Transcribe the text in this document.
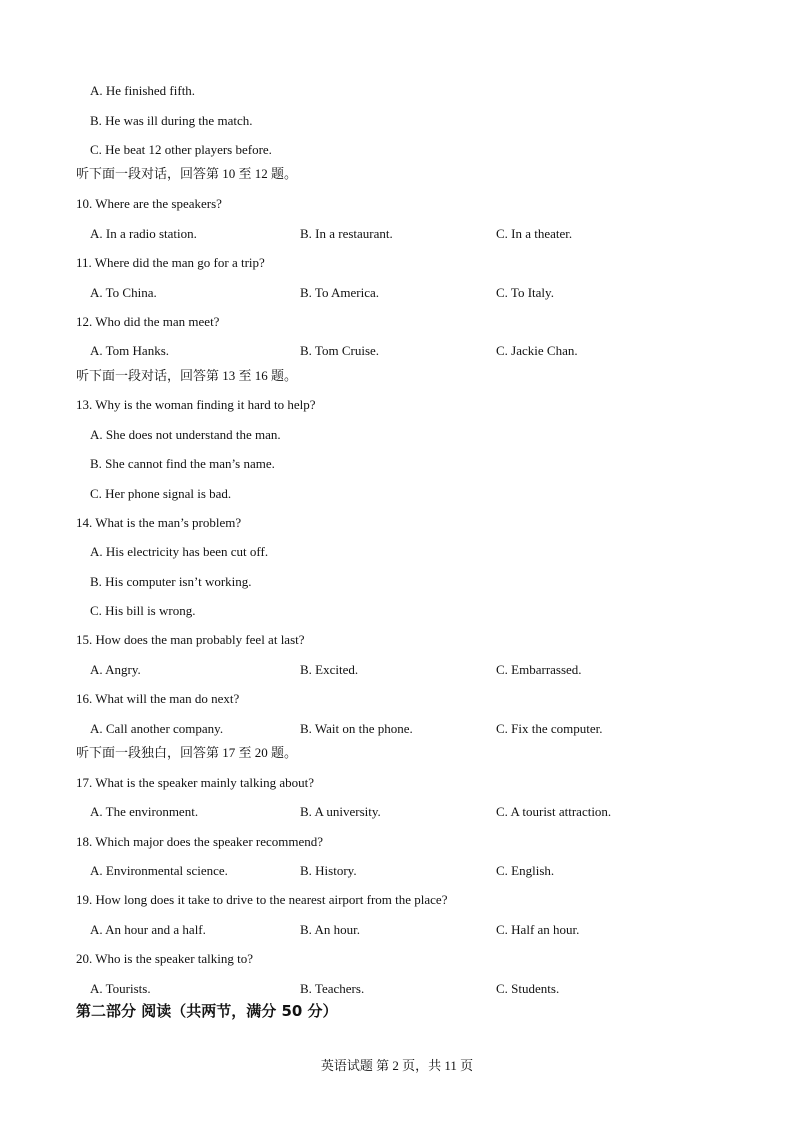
A. He finished fifth.
B. He was ill during the match.
C. He beat 12 other players before.
听下面一段对话，回答第 10 至 12 题。
10. Where are the speakers?
A. In a radio station.	B. In a restaurant.	C. In a theater.
11. Where did the man go for a trip?
A. To China.	B. To America.	C. To Italy.
12. Who did the man meet?
A. Tom Hanks.	B. Tom Cruise.	C. Jackie Chan.
听下面一段对话，回答第 13 至 16 题。
13. Why is the woman finding it hard to help?
A. She does not understand the man.
B. She cannot find the man’s name.
C. Her phone signal is bad.
14. What is the man’s problem?
A. His electricity has been cut off.
B. His computer isn’t working.
C. His bill is wrong.
15. How does the man probably feel at last?
A. Angry.	B. Excited.	C. Embarrassed.
16. What will the man do next?
A. Call another company.	B. Wait on the phone.	C. Fix the computer.
听下面一段独白，回答第 17 至 20 题。
17. What is the speaker mainly talking about?
A. The environment.	B. A university.	C. A tourist attraction.
18. Which major does the speaker recommend?
A. Environmental science.	B. History.	C. English.
19. How long does it take to drive to the nearest airport from the place?
A. An hour and a half.	B. An hour.	C. Half an hour.
20. Who is the speaker talking to?
A. Tourists.	B. Teachers.	C. Students.
第二部分 阅读（共两节，满分 50 分）
英语试题 第 2 页，共 11 页
